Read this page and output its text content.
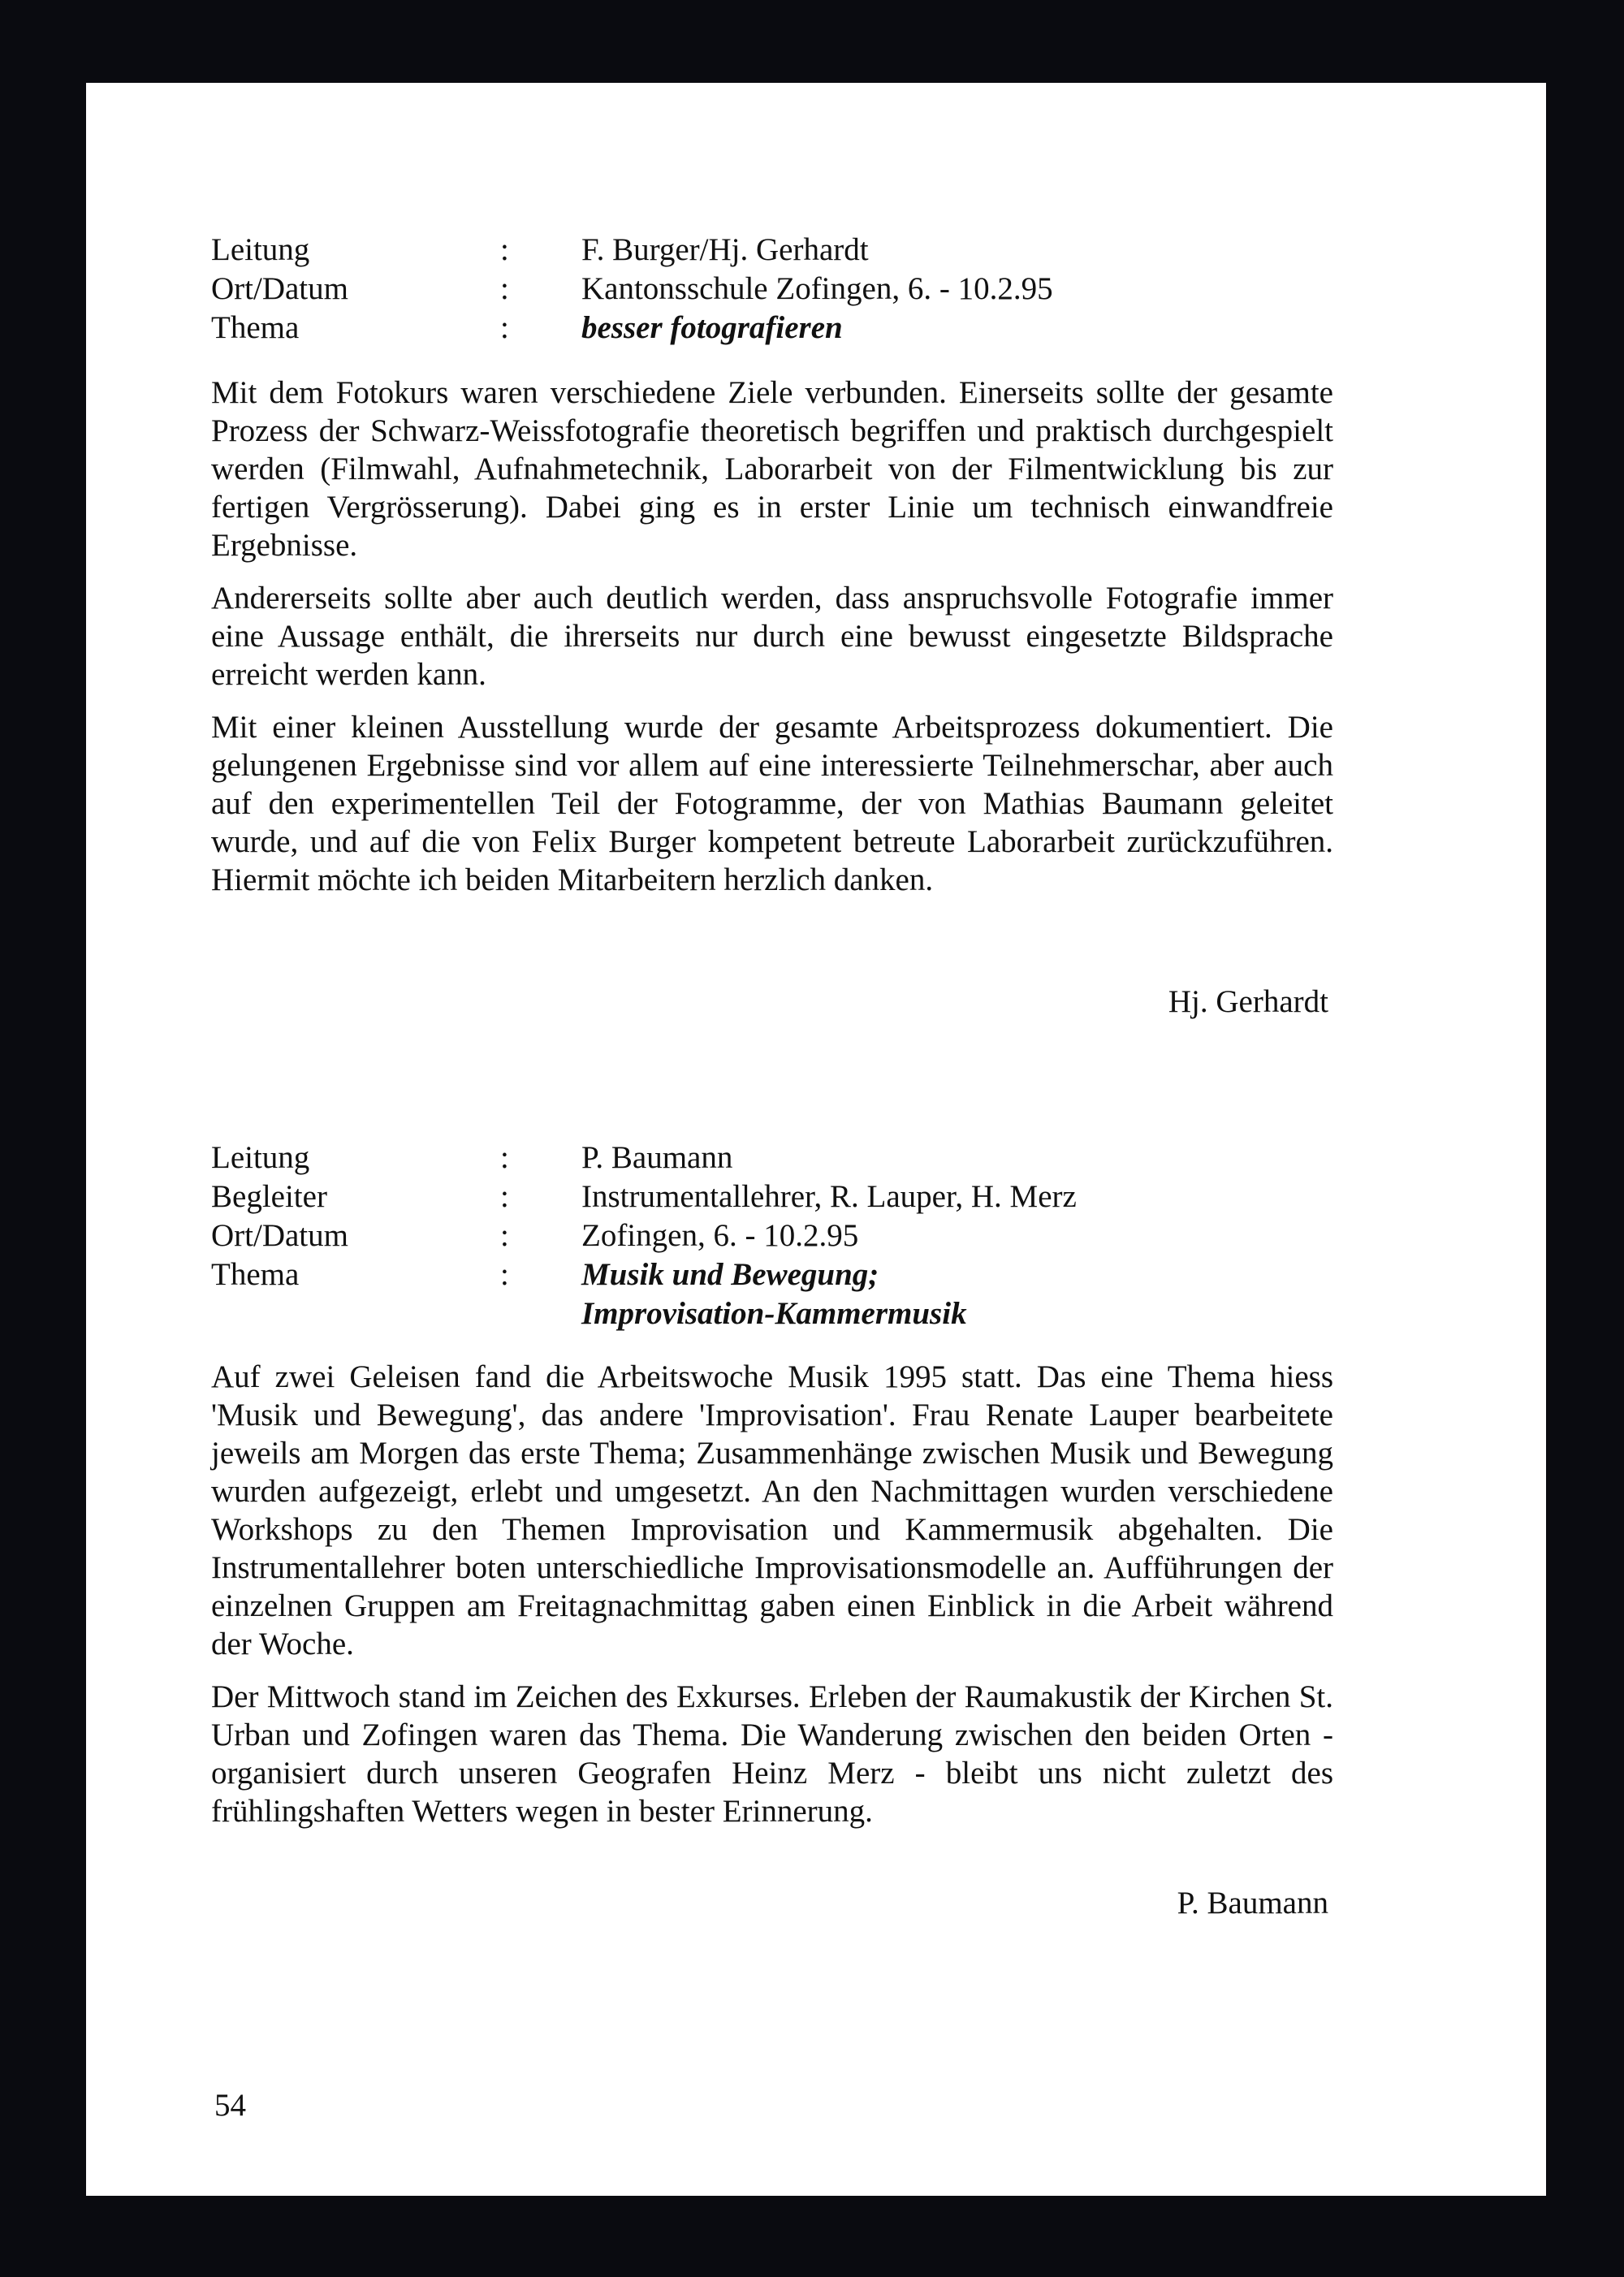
Leitung	:	F. Burger/Hj. Gerhardt
Ort/Datum	:	Kantonsschule Zofingen, 6. - 10.2.95
Thema	:	besser fotografieren

Mit dem Fotokurs waren verschiedene Ziele verbunden. Einerseits sollte der gesamte Prozess der Schwarz-Weissfotografie theoretisch begriffen und praktisch durchgespielt werden (Filmwahl, Aufnahmetechnik, Laborarbeit von der Filmentwicklung bis zur fertigen Vergrösserung). Dabei ging es in erster Linie um technisch einwandfreie Ergebnisse.

Andererseits sollte aber auch deutlich werden, dass anspruchsvolle Fotografie immer eine Aussage enthält, die ihrerseits nur durch eine bewusst eingesetzte Bildsprache erreicht werden kann.

Mit einer kleinen Ausstellung wurde der gesamte Arbeitsprozess dokumentiert. Die gelungenen Ergebnisse sind vor allem auf eine interessierte Teilnehmerschar, aber auch auf den experimentellen Teil der Fotogramme, der von Mathias Baumann geleitet wurde, und auf die von Felix Burger kompetent betreute Laborarbeit zurückzuführen. Hiermit möchte ich beiden Mitarbeitern herzlich danken.

Hj. Gerhardt
Leitung	:	P. Baumann
Begleiter	:	Instrumentallehrer, R. Lauper, H. Merz
Ort/Datum	:	Zofingen, 6. - 10.2.95
Thema	:	Musik und Bewegung;
Improvisation-Kammermusik

Auf zwei Geleisen fand die Arbeitswoche Musik 1995 statt. Das eine Thema hiess 'Musik und Bewegung', das andere 'Improvisation'. Frau Renate Lauper bearbeitete jeweils am Morgen das erste Thema; Zusammenhänge zwischen Musik und Bewegung wurden aufgezeigt, erlebt und umgesetzt. An den Nachmittagen wurden verschiedene Workshops zu den Themen Improvisation und Kammermusik abgehalten. Die Instrumentallehrer boten unterschiedliche Improvisationsmodelle an. Aufführungen der einzelnen Gruppen am Freitagnachmittag gaben einen Einblick in die Arbeit während der Woche.

Der Mittwoch stand im Zeichen des Exkurses. Erleben der Raumakustik der Kirchen St. Urban und Zofingen waren das Thema. Die Wanderung zwischen den beiden Orten - organisiert durch unseren Geografen Heinz Merz - bleibt uns nicht zuletzt des frühlingshaften Wetters wegen in bester Erinnerung.

P. Baumann
54
